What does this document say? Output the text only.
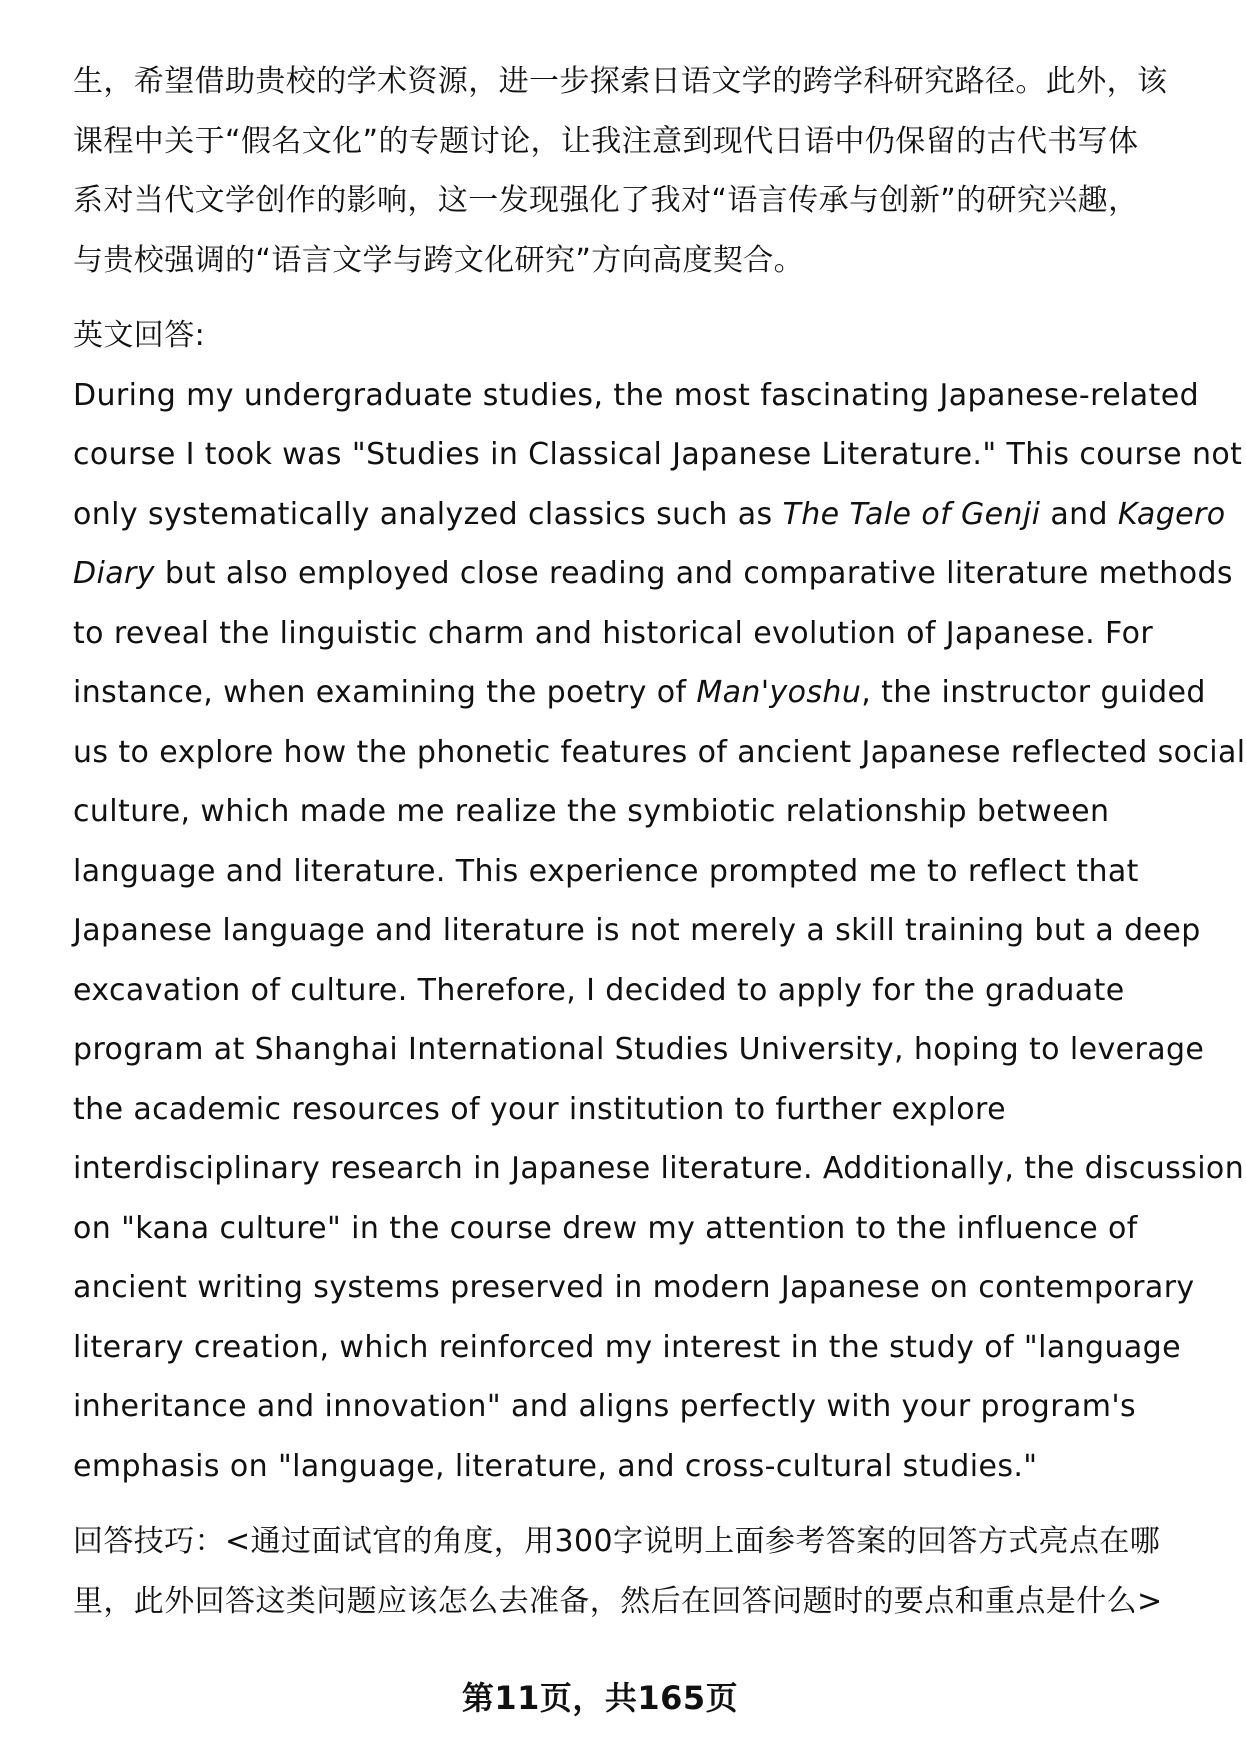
生，希望借助贵校的学术资源，进一步探索日语文学的跨学科研究路径。此外，该
课程中关于“假名文化”的专题讨论，让我注意到现代日语中仍保留的古代书写体
系对当代文学创作的影响，这一发现强化了我对“语言传承与创新”的研究兴趣，
与贵校强调的“语言文学与跨文化研究”方向高度契合。

英文回答:
During my undergraduate studies, the most fascinating Japanese-related
course I took was "Studies in Classical Japanese Literature." This course not
only systematically analyzed classics such as The Tale of Genji and Kagero
Diary but also employed close reading and comparative literature methods
to reveal the linguistic charm and historical evolution of Japanese. For
instance, when examining the poetry of Man'yoshu, the instructor guided
us to explore how the phonetic features of ancient Japanese reflected social
culture, which made me realize the symbiotic relationship between
language and literature. This experience prompted me to reflect that
Japanese language and literature is not merely a skill training but a deep
excavation of culture. Therefore, I decided to apply for the graduate
program at Shanghai International Studies University, hoping to leverage
the academic resources of your institution to further explore
interdisciplinary research in Japanese literature. Additionally, the discussion
on "kana culture" in the course drew my attention to the influence of
ancient writing systems preserved in modern Japanese on contemporary
literary creation, which reinforced my interest in the study of "language
inheritance and innovation" and aligns perfectly with your program's
emphasis on "language, literature, and cross-cultural studies."

回答技巧：<通过面试官的角度，用300字说明上面参考答案的回答方式亮点在哪
里，此外回答这类问题应该怎么去准备，然后在回答问题时的要点和重点是什么>

第11页，共165页
